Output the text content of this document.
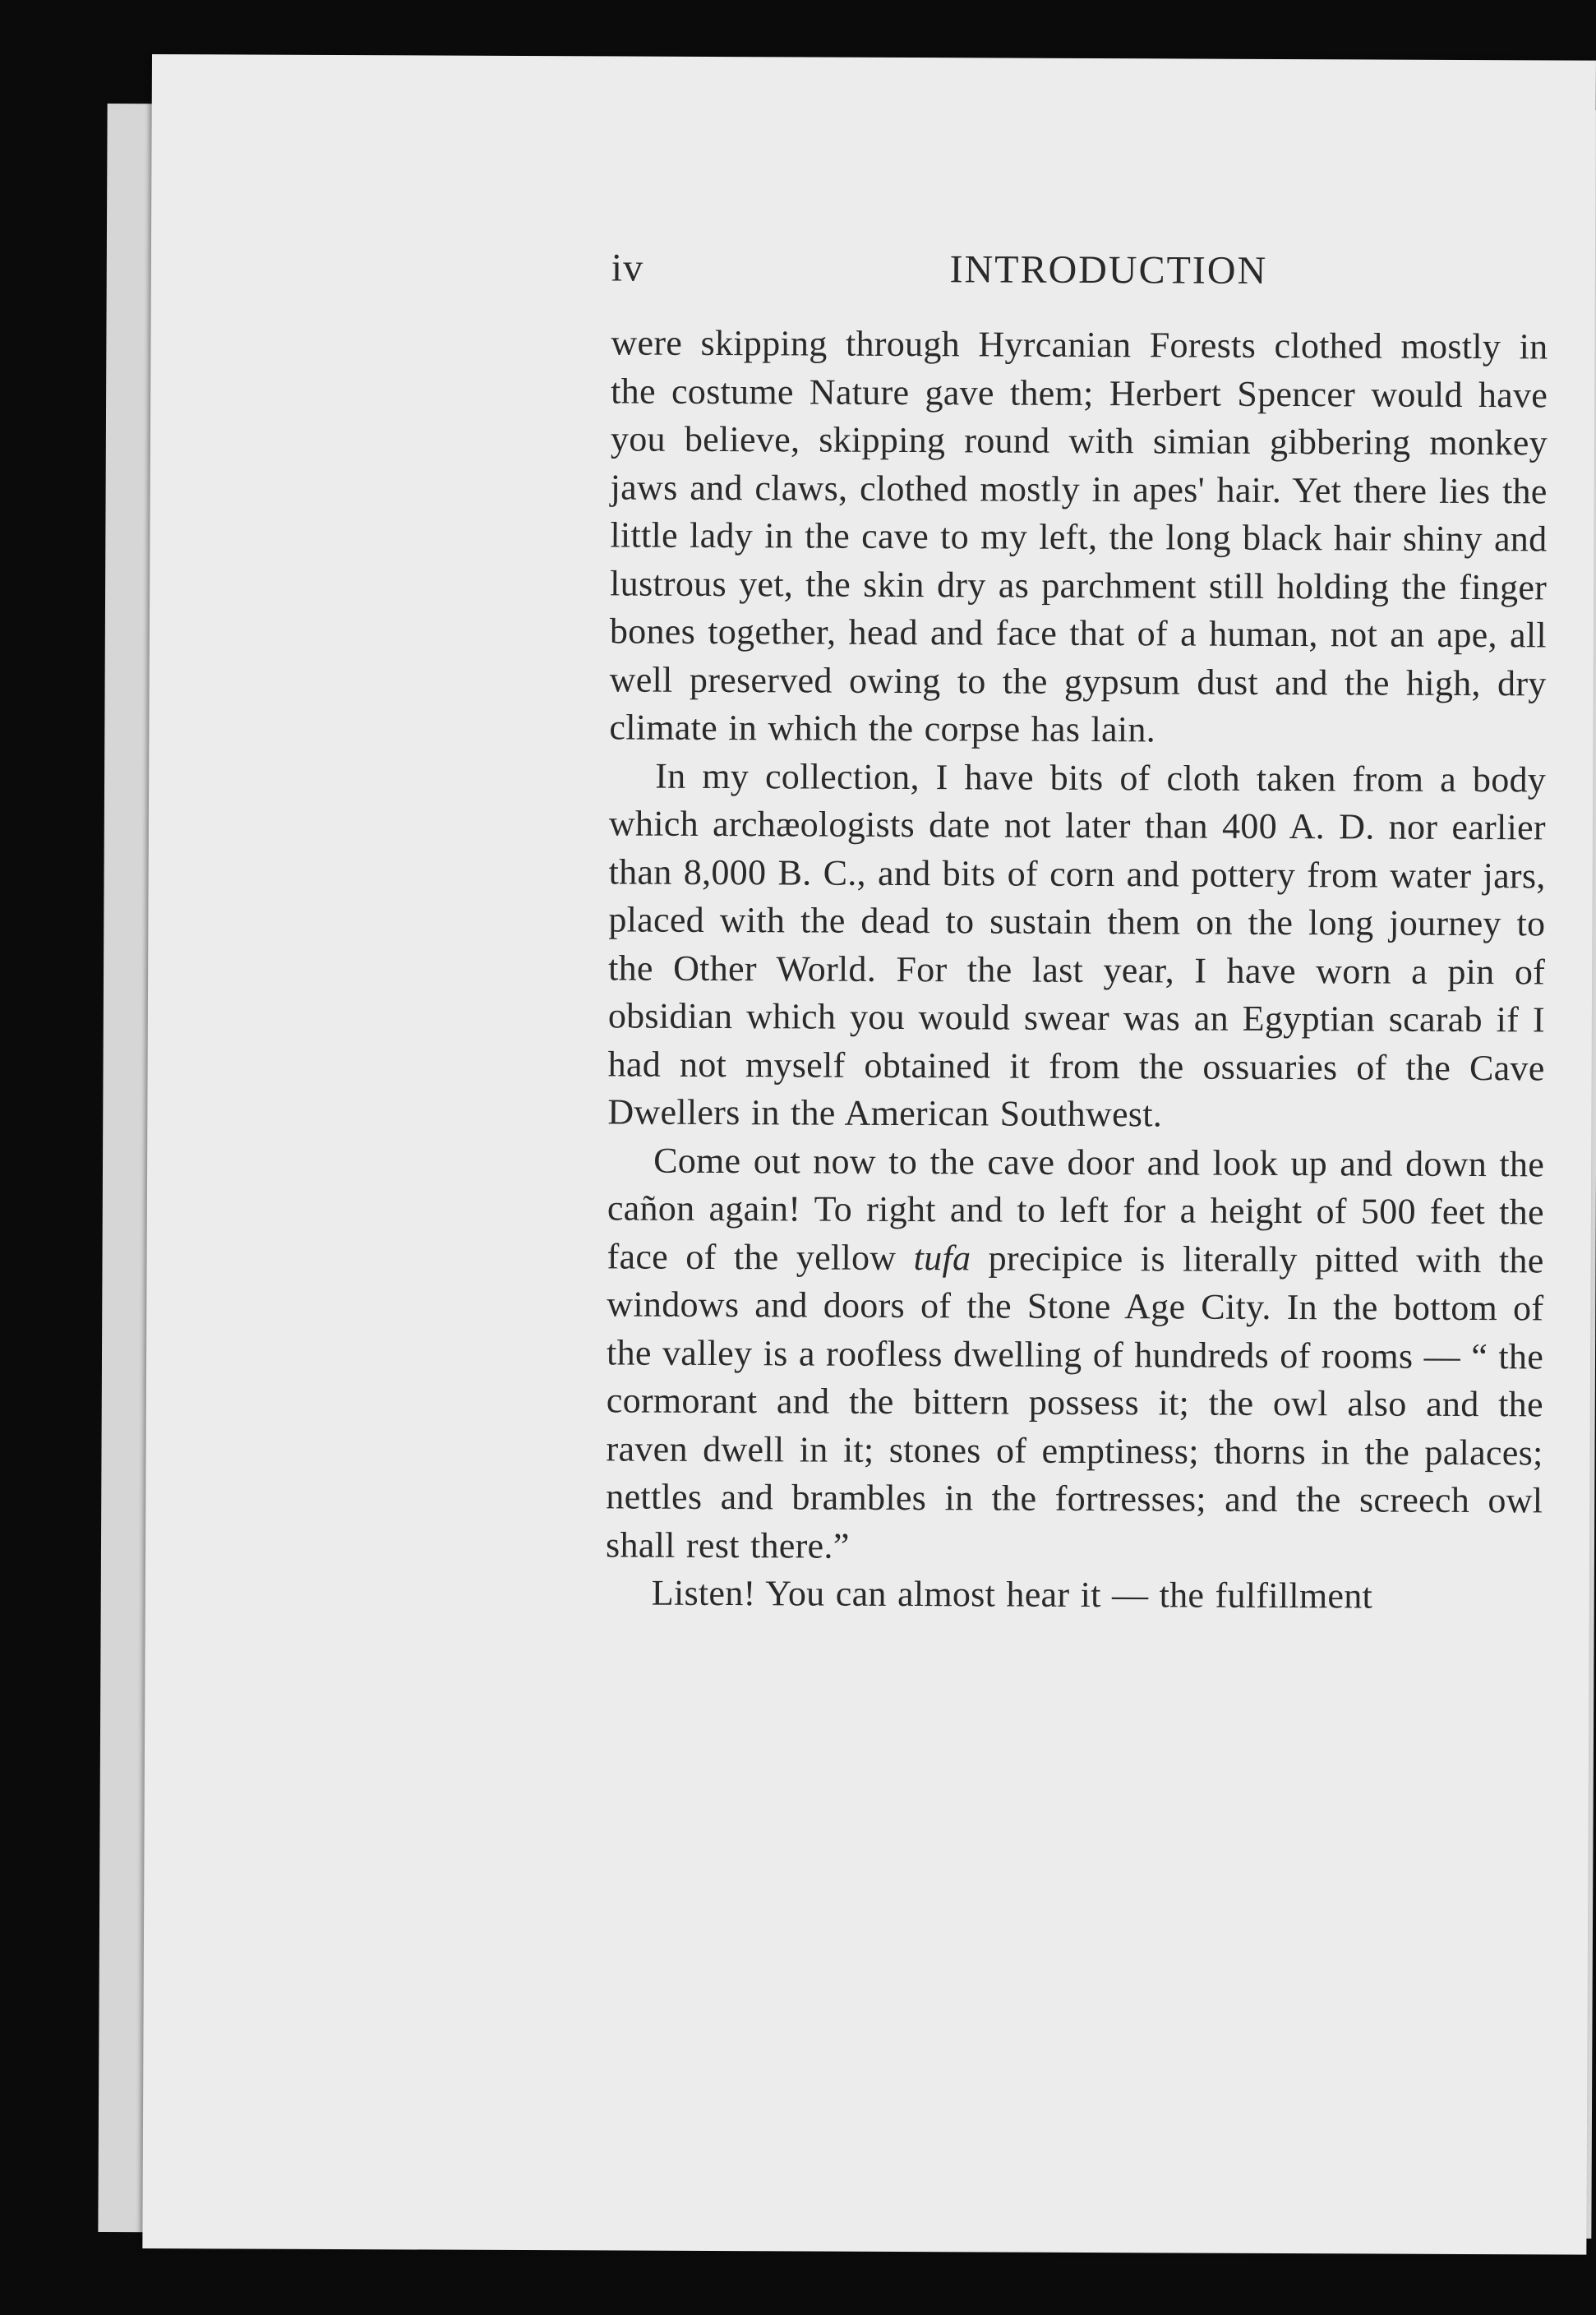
iv	INTRODUCTION

were skipping through Hyrcanian Forests clothed mostly in the costume Nature gave them; Herbert Spencer would have you believe, skipping round with simian gibbering monkey jaws and claws, clothed mostly in apes' hair. Yet there lies the little lady in the cave to my left, the long black hair shiny and lustrous yet, the skin dry as parchment still holding the finger bones together, head and face that of a human, not an ape, all well preserved owing to the gypsum dust and the high, dry climate in which the corpse has lain.

In my collection, I have bits of cloth taken from a body which archæologists date not later than 400 A. D. nor earlier than 8,000 B. C., and bits of corn and pottery from water jars, placed with the dead to sustain them on the long journey to the Other World. For the last year, I have worn a pin of obsidian which you would swear was an Egyptian scarab if I had not myself obtained it from the ossuaries of the Cave Dwellers in the American Southwest.

Come out now to the cave door and look up and down the cañon again! To right and to left for a height of 500 feet the face of the yellow tufa precipice is literally pitted with the windows and doors of the Stone Age City. In the bottom of the valley is a roofless dwelling of hundreds of rooms — “ the cormorant and the bittern possess it; the owl also and the raven dwell in it; stones of emptiness; thorns in the palaces; nettles and brambles in the fortresses; and the screech owl shall rest there.”

Listen! You can almost hear it — the fulfillment
